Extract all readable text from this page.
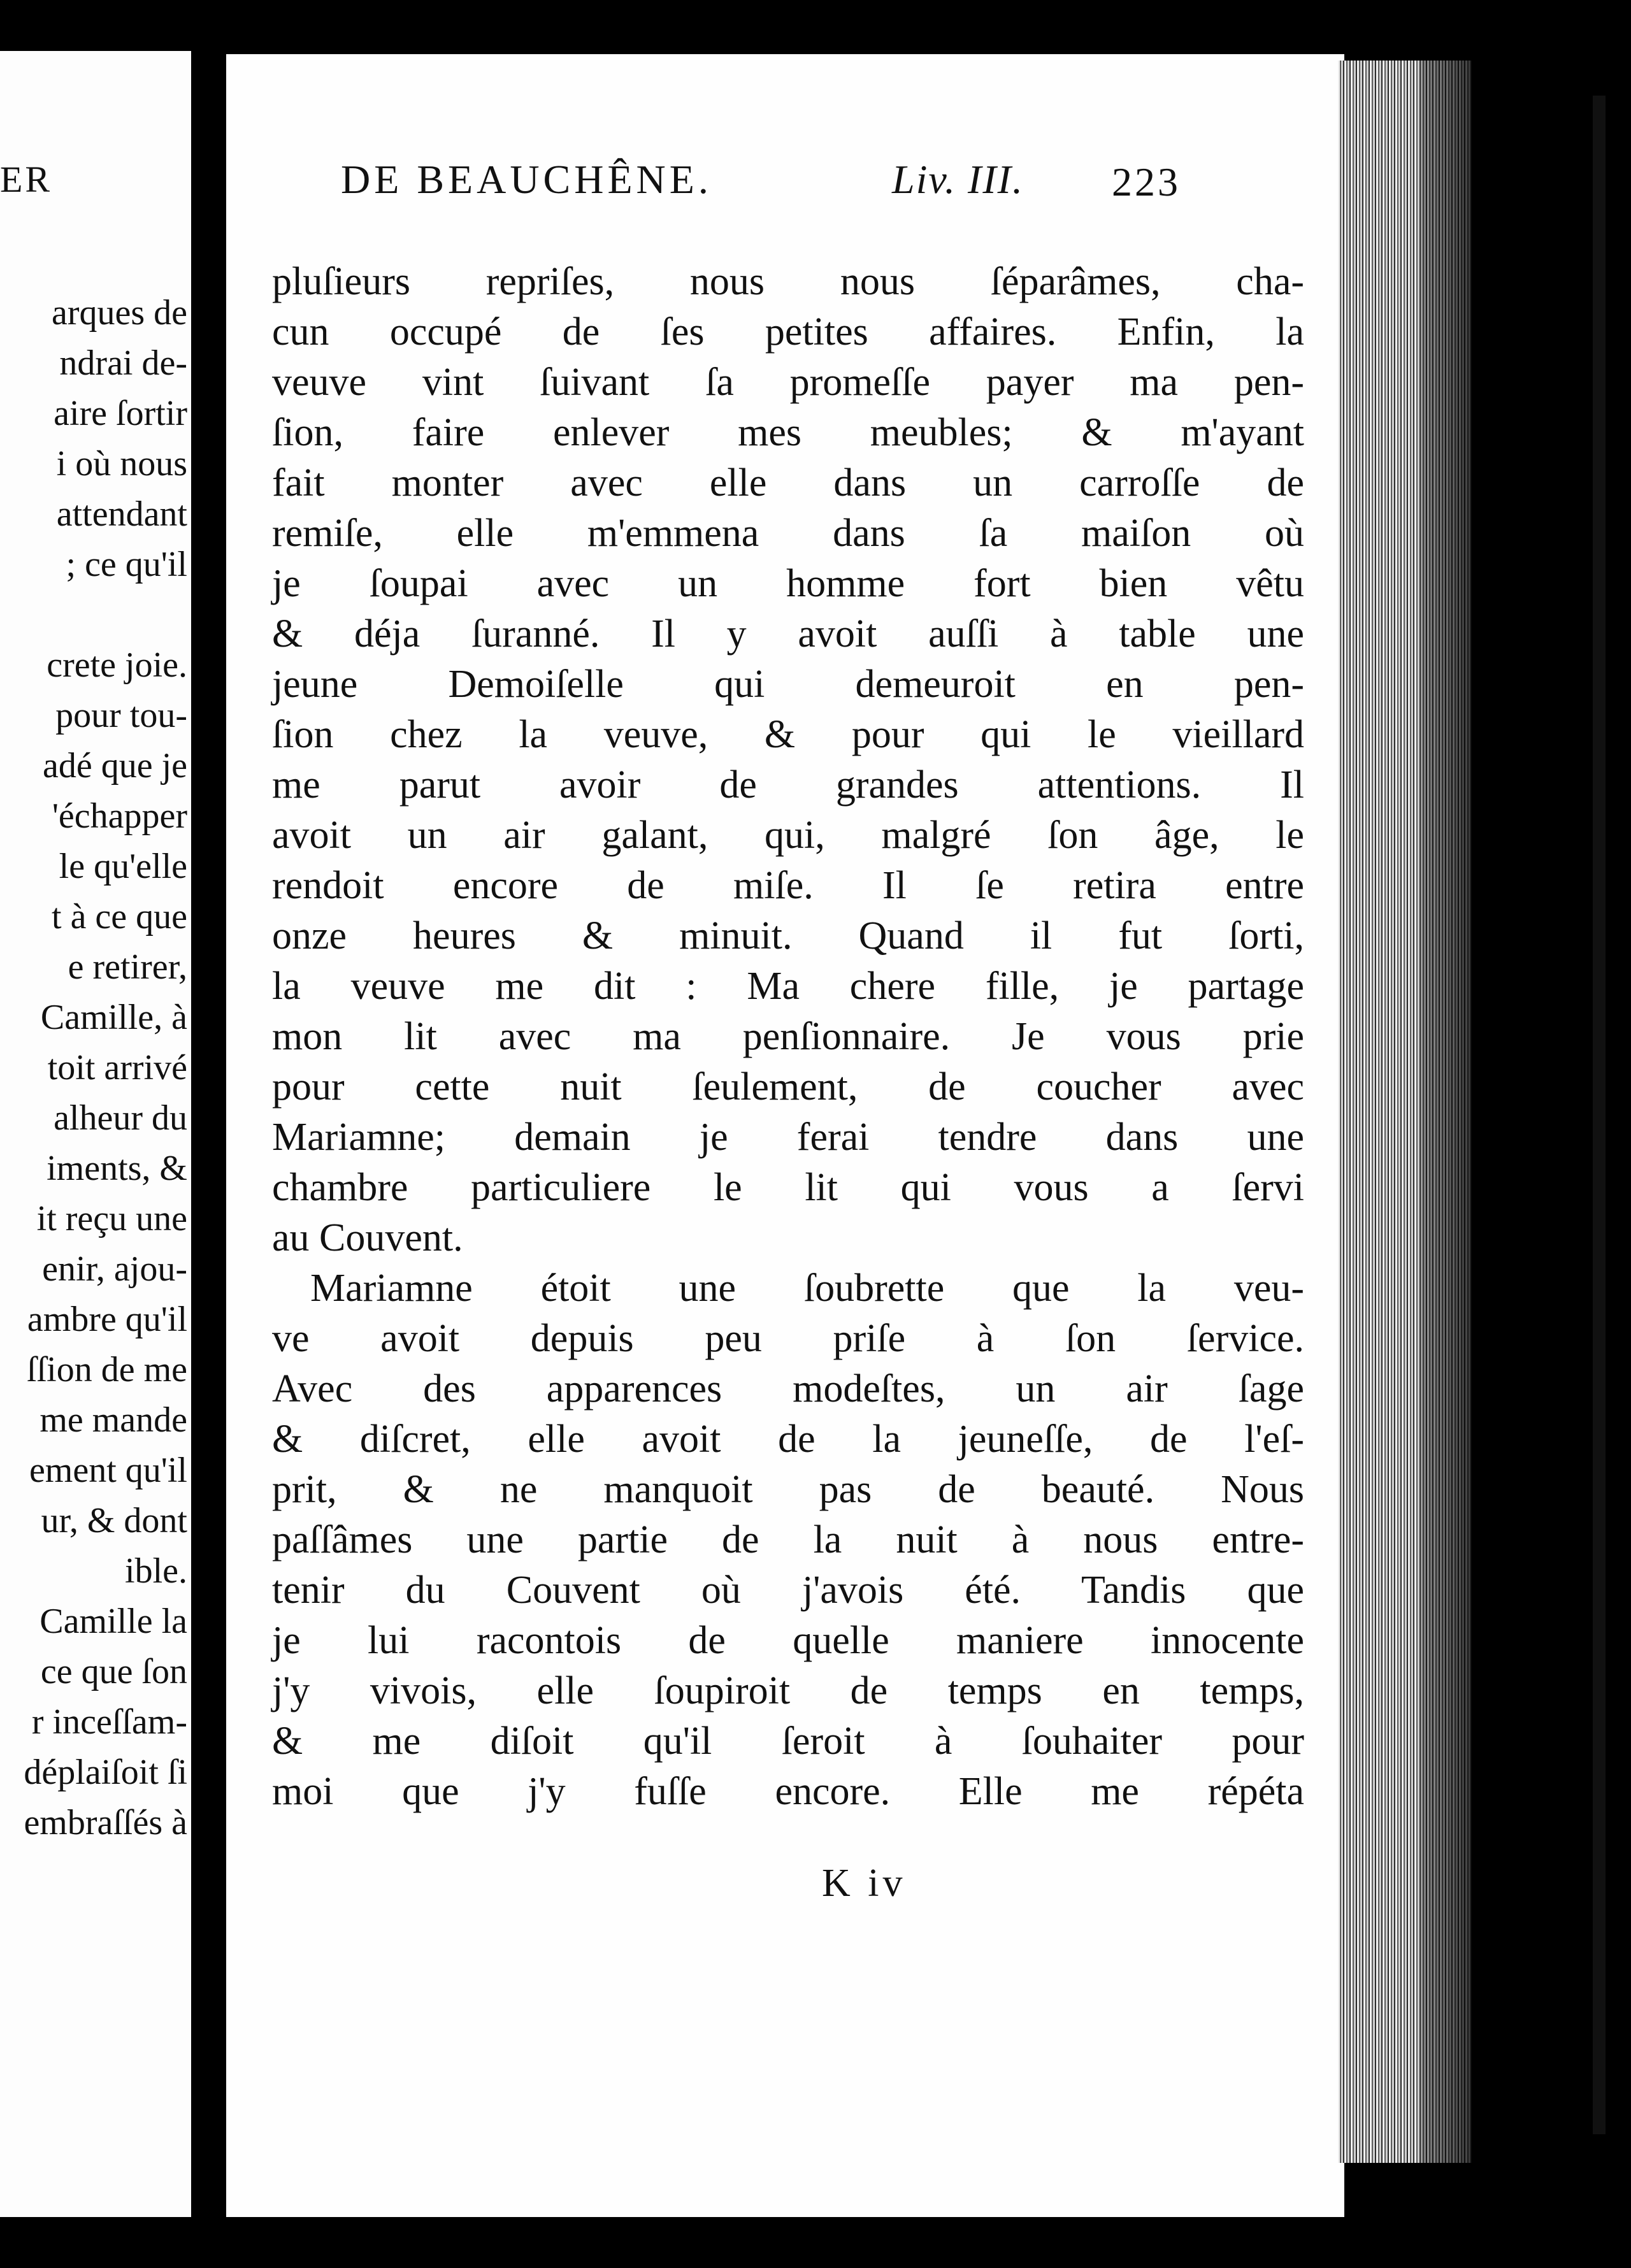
ER
arques de
ndrai de-
aire ſortir
i où nous
attendant
; ce qu'il
crete joie.
pour tou-
adé que je
'échapper
le qu'elle
t à ce que
e retirer,
Camille, à
toit arrivé
alheur du
iments, &
it reçu une
enir, ajou-
ambre qu'il
ſſion de me
me mande
ement qu'il
ur, & dont
ible.
Camille la
ce que ſon
r inceſſam-
déplaiſoit ſi
embraſſés à
DE BEAUCHÊNE.	Liv. III. 223
pluſieurs repriſes, nous nous ſéparâmes, cha-
cun occupé de ſes petites affaires. Enfin, la
veuve vint ſuivant ſa promeſſe payer ma pen-
ſion, faire enlever mes meubles; & m'ayant
fait monter avec elle dans un carroſſe de
remiſe, elle m'emmena dans ſa maiſon où
je ſoupai avec un homme fort bien vêtu
& déja ſuranné. Il y avoit auſſi à table une
jeune Demoiſelle qui demeuroit en pen-
ſion chez la veuve, & pour qui le vieillard
me parut avoir de grandes attentions. Il
avoit un air galant, qui, malgré ſon âge, le
rendoit encore de miſe. Il ſe retira entre
onze heures & minuit. Quand il fut ſorti,
la veuve me dit : Ma chere fille, je partage
mon lit avec ma penſionnaire. Je vous prie
pour cette nuit ſeulement, de coucher avec
Mariamne; demain je ferai tendre dans une
chambre particuliere le lit qui vous a ſervi
au Couvent.
Mariamne étoit une ſoubrette que la veu-
ve avoit depuis peu priſe à ſon ſervice.
Avec des apparences modeſtes, un air ſage
& diſcret, elle avoit de la jeuneſſe, de l'eſ-
prit, & ne manquoit pas de beauté. Nous
paſſâmes une partie de la nuit à nous entre-
tenir du Couvent où j'avois été. Tandis que
je lui racontois de quelle maniere innocente
j'y vivois, elle ſoupiroit de temps en temps,
& me diſoit qu'il ſeroit à ſouhaiter pour
moi que j'y fuſſe encore. Elle me répéta
K iv
